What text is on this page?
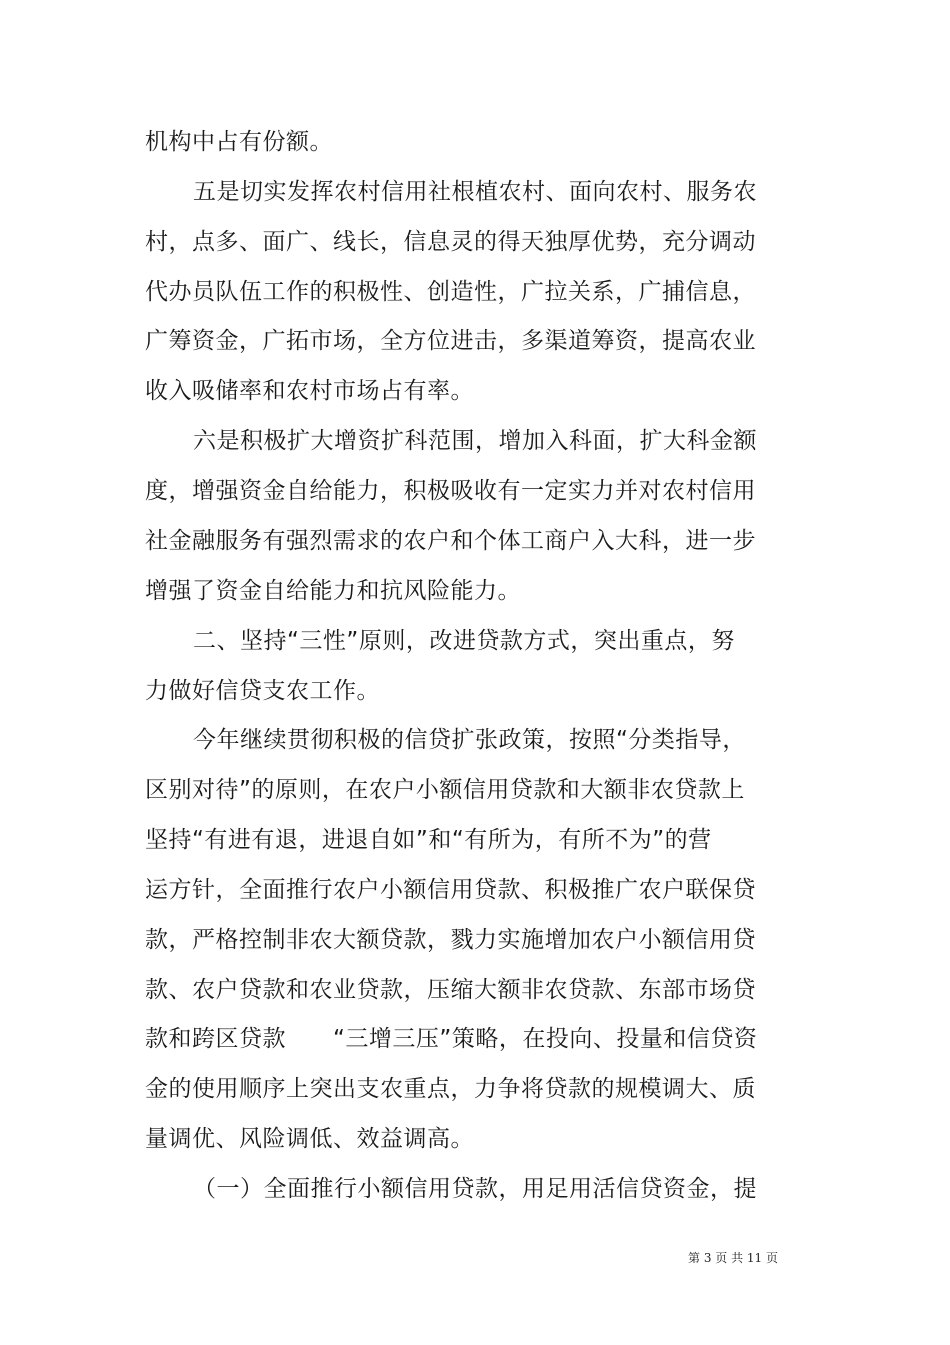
机构中占有份额。
五是切实发挥农村信用社根植农村、面向农村、服务农
村，点多、面广、线长，信息灵的得天独厚优势，充分调动
代办员队伍工作的积极性、创造性，广拉关系，广捕信息，
广筹资金，广拓市场，全方位进击，多渠道筹资，提高农业
收入吸储率和农村市场占有率。
六是积极扩大增资扩科范围，增加入科面，扩大科金额
度，增强资金自给能力，积极吸收有一定实力并对农村信用
社金融服务有强烈需求的农户和个体工商户入大科，进一步
增强了资金自给能力和抗风险能力。
二、坚持“三性”原则，改进贷款方式，突出重点，努
力做好信贷支农工作。
今年继续贯彻积极的信贷扩张政策，按照“分类指导，
区别对待”的原则，在农户小额信用贷款和大额非农贷款上
坚持“有进有退，进退自如”和“有所为，有所不为”的营
运方针，全面推行农户小额信用贷款、积极推广农户联保贷
款，严格控制非农大额贷款，戮力实施增加农户小额信用贷
款、农户贷款和农业贷款，压缩大额非农贷款、东部市场贷
款和跨区贷款　　“三增三压”策略，在投向、投量和信贷资
金的使用顺序上突出支农重点，力争将贷款的规模调大、质
量调优、风险调低、效益调高。
（一）全面推行小额信用贷款，用足用活信贷资金，提
第 3 页 共 11 页
